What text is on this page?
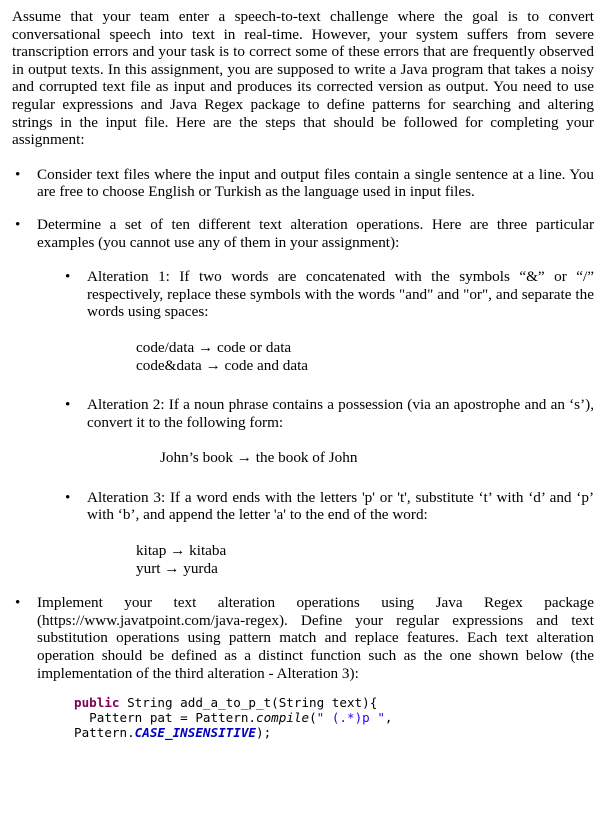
Assume that your team enter a speech-to-text challenge where the goal is to convert conversational speech into text in real-time. However, your system suffers from severe transcription errors and your task is to correct some of these errors that are frequently observed in output texts. In this assignment, you are supposed to write a Java program that takes a noisy and corrupted text file as input and produces its corrected version as output. You need to use regular expressions and Java Regex package to define patterns for searching and altering strings in the input file. Here are the steps that should be followed for completing your assignment:

•	Consider text files where the input and output files contain a single sentence at a line. You are free to choose English or Turkish as the language used in input files.

•	Determine a set of ten different text alteration operations. Here are three particular examples (you cannot use any of them in your assignment):

•	Alteration 1: If two words are concatenated with the symbols “&” or “/” respectively, replace these symbols with the words "and" and "or", and separate the words using spaces:

code/data → code or data
code&data → code and data
•	Alteration 2: If a noun phrase contains a possession (via an apostrophe and an ‘s’), convert it to the following form:

John’s book → the book of John
•	Alteration 3: If a word ends with the letters 'p' or 't', substitute ‘t’ with ‘d’ and ‘p’ with ‘b’, and append the letter 'a' to the end of the word:

kitap → kitaba
yurt → yurda
•	Implement your text alteration operations using Java Regex package (https://www.javatpoint.com/java-regex). Define your regular expressions and text substitution operations using pattern match and replace features. Each text alteration operation should be defined as a distinct function such as the one shown below (the implementation of the third alteration - Alteration 3):

public String add_a_to_p_t(String text){
Pattern pat = Pattern.compile(" (.*)p ",
Pattern.CASE_INSENSITIVE);
